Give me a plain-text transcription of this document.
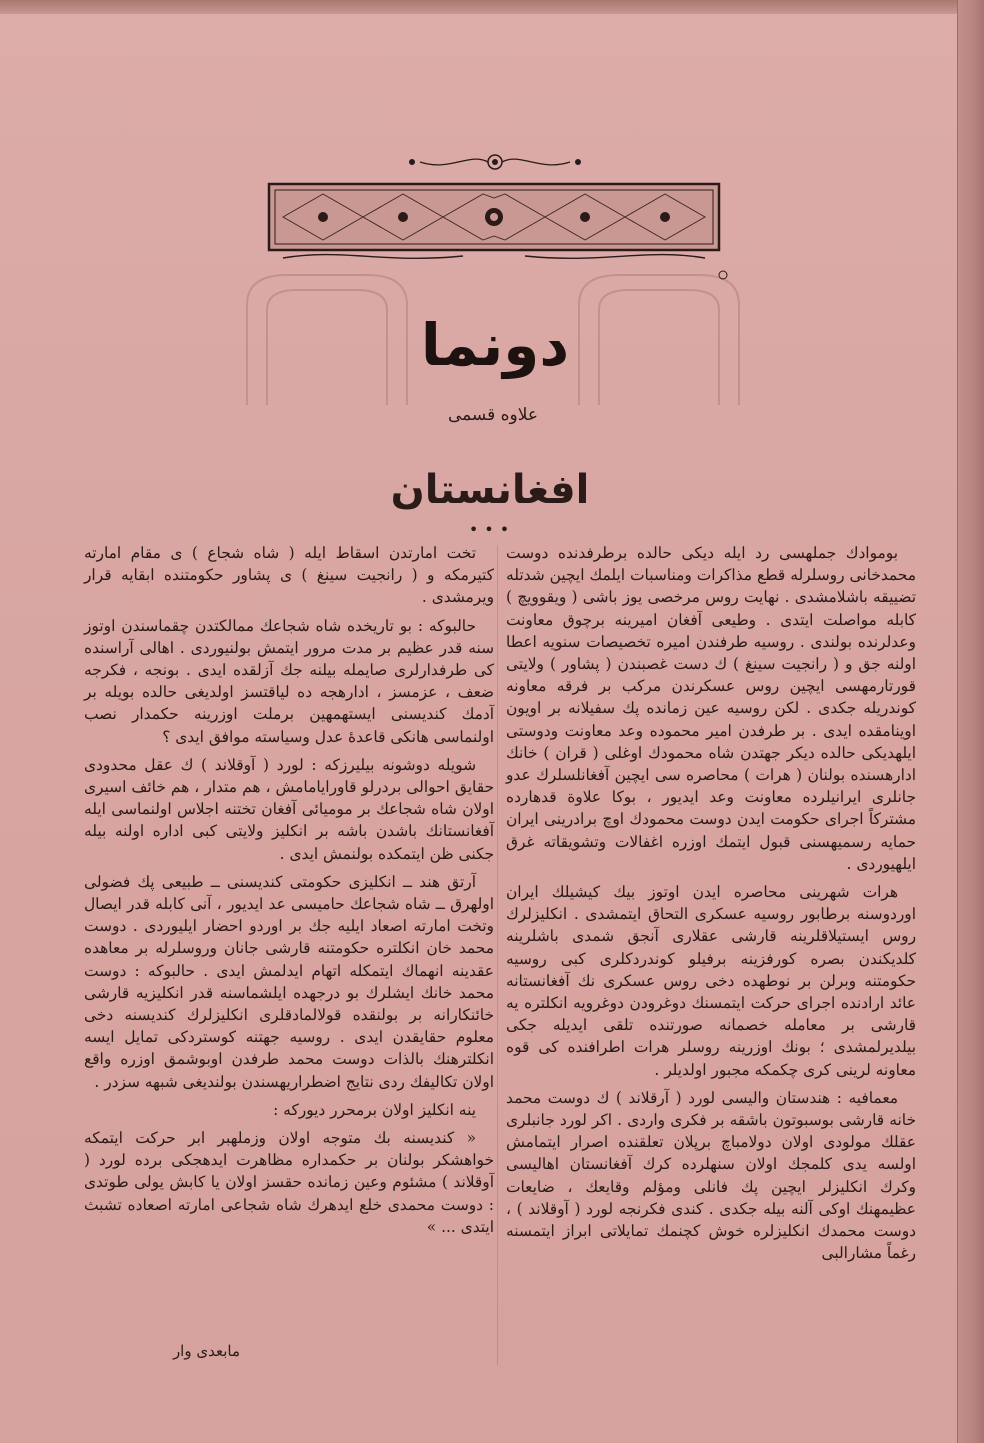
دونما
علاوه قسمی
افغانستان
•••

بوموادك جملهسی رد ايله ديكی حالده برطرفدنده دوست محمدخانی روسلرله قطع مذاكرات ومناسبات ايلمك ايچين شدتله تضييقه باشلامشدی . نهايت روس مرخصی يوز باشی ( ويقوويچ ) كابله مواصلت ايتدی . وطيعی آفغان اميرينه برچوق معاونت وعدلرنده بولندی . روسيه طرفندن اميره تخصيصات سنويه اعطا اولنه جق و ( رانجيت سينغ ) ك دست غصبندن ( پشاور ) ولايتی قورتارمهسی ايچين روس عسكرندن مركب بر فرقه معاونه كوندريله جكدی . لكن روسيه عين زمانده پك سفيلانه بر اويون اوينامقده ايدی . بر طرفدن امير محموده وعد معاونت ودوستی ايلهديكی حالده ديكر جهتدن شاه محمودك اوغلی ( قران ) خانك ادارهسنده بولنان ( هرات ) محاصره سی ايچين آفغانلسلرك عدو جانلری ايرانيلرده معاونت وعد ايديور ، بوكا علاوة قدهارده مشتركاً اجرای حكومت ايدن دوست محمودك اوچ برادرينی ايران حمايه رسميهسنی قبول ايتمك اوزره اغفالات وتشويقاته غرق ايلهيوردی .

هرات شهرينی محاصره ايدن اوتوز بيك كيشيلك ايران اوردوسنه برطابور روسيه عسكری التحاق ايتمشدی . انكليزلرك روس ايستيلاقلرينه قارشی عقلاری آنجق شمدی باشلرينه كلديكندن بصره كورفزينه برفيلو كوندردكلری كبی روسيه حكومتنه وبرلن بر نوطهده دخی روس عسكری نك آفغانستانه عائد ارادنده اجرای حركت ايتمسنك دوغرودن دوغرويه انكلتره يه قارشی بر معامله خصمانه صورتنده تلقی ايديله جكی بيلديرلمشدی ؛ بونك اوزرينه روسلر هرات اطرافنده كی قوه معاونه لرينی كری چكمكه مجبور اولديلر .

معمافيه : هندستان واليسی لورد ( آرقلاند ) ك دوست محمد خانه قارشی بوسبوتون باشقه بر فكری واردی . اكر لورد جانبلری عقلك مولودی اولان دولامباچ برپلان تعلقنده اصرار ايتمامش اولسه يدی كلمجك اولان سنهلرده كرك آفغانستان اهاليسی وكرك انكليزلر ايچين پك فانلی ومؤلم وقايعك ، ضايعات عظيمهنك اوكی آلنه بيله جكدی . كندی فكرنجه لورد ( آوقلاند ) ، دوست محمدك انكليزلره خوش كچنمك تمايلاتی ابراز ايتمسنه رغماً مشارالبی

تخت امارتدن اسقاط ايله ( شاه شجاع ) ی مقام امارته كتيرمكه و ( رانجيت سينغ ) ی پشاور حكومتنده ابقايه قرار ويرمشدی .

حالبوكه : بو تاريخده شاه شجاعك ممالكتدن چقماسندن اوتوز سنه قدر عظيم بر مدت مرور ايتمش بولنيوردی . اهالی آراسنده كی طرفدارلری صايمله بيلنه جك آزلقده ايدی . بونجه ، فكرجه ضعف ، عزمسز ، ادارهجه ده لياقتسز اولديغی حالده بويله بر آدمك كنديسنی ايستهمهين برملت اوزرينه حكمدار نصب اولنماسی هانكی قاعدهٔ عدل وسياسته موافق ايدی ؟

شويله دوشونه بيليرزكه : لورد ( آوقلاند ) ك عقل محدودی حقايق احوالی بردرلو قاورايامامش ، هم متدار ، هم خائف اسيری اولان شاه شجاعك بر موميائی آفغان تختنه اجلاس اولنماسی ايله آفغانستانك باشدن باشه بر انكليز ولايتی كبی اداره اولنه بيله جكنی ظن ايتمكده بولنمش ايدی .

آرتق هند ــ انكليزی حكومتی كنديسنی ــ طبيعی پك فضولی اولهرق ــ شاه شجاعك حاميسی عد ايديور ، آنی كابله قدر ايصال وتخت امارته اصعاد ايليه جك بر اوردو احضار ايليوردی . دوست محمد خان انكلتره حكومتنه قارشی جانان وروسلرله بر معاهده عقدينه انهماك ايتمكله اتهام ايدلمش ايدی . حالبوكه : دوست محمد خانك ايشلرك بو درجهده ايلشماسنه قدر انكليزيه قارشی خائنكارانه بر بولنقده قولالمادقلری انكليزلرك كنديسنه دخی معلوم حقايقدن ايدی . روسيه جهتنه كوستردكی تمايل ايسه انكلترهنك بالذات دوست محمد طرفدن اوبوشمق اوزره واقع اولان تكاليفك ردی نتايج اضطراريهسندن بولنديغی شبهه سزدر .

ينه انكليز اولان برمحرر ديوركه :

« كنديسنه بك متوجه اولان وزملهبر ابر حركت ايتمكه خواهشكر بولنان بر حكمداره مظاهرت ايدهجكی برده لورد ( آوقلاند ) مشئوم وعين زمانده حقسز اولان يا كابش يولی طوتدی : دوست محمدی خلع ايدهرك شاه شجاعی امارته اصعاده تشبث ايتدی ... »

مابعدی وار
